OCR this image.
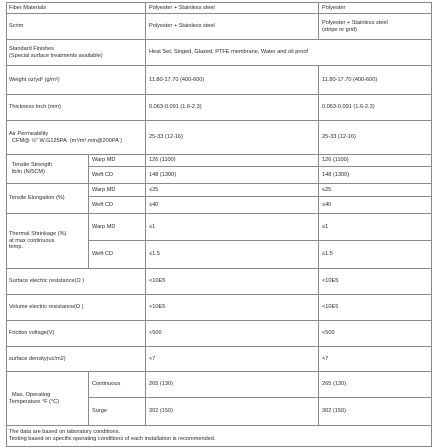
Fiber Materials		Polyester + Stainless steel	Polyester
Scrim		Polyester + Stainless steel	Polyester + Stainless steel
(stripe or grid)

Standard Finishes
(Special surface treatments available)		Heat Set, Singed, Glazed, PTFE membrane, Water and oil proof	
Weight oz/yd² (g/m²)		11.80-17.70 (400-600)	11.80-17.70 (400-600)
Thickness Inch (mm)		0.063-0.091 (1.6-2.3)	0.063-0.091 (1.6-2.3)

Air Permeability
CFM@ ½" W.G125PA (m³/m².min@200PA )		25-33 (12-16)	25-33 (12-16)
Tensile Strengthlb/in (N/5CM)	Warp MD	126 (1100)	126 (1100)
	Weft CD	148 (1300)	148 (1300)
Tensile Elongation (%)	Warp MD	≤25	≤25
	Weft CD	≤40	≤40

Thermal Shrinkage (%)
at max continuous
temp.	Warp MD	≤1	≤1
	Weft CD	≤1.5	≤1.5
Surface electric resistance(Ω )		<10E5	<10E5
Volume electric resistance(Ω )		<10E5	<10E5
Friction voltage(V)		<500	<500
surface density(uc/m2)		<7	<7
Max. Operating
Temperature °F (°C)	Continuous	265 (130)	265 (130)
	Surge	302 (150)	302 (150)

The data are based on laboratory conditions.
Testing based on specific operating conditions of each installation is recommended.			
